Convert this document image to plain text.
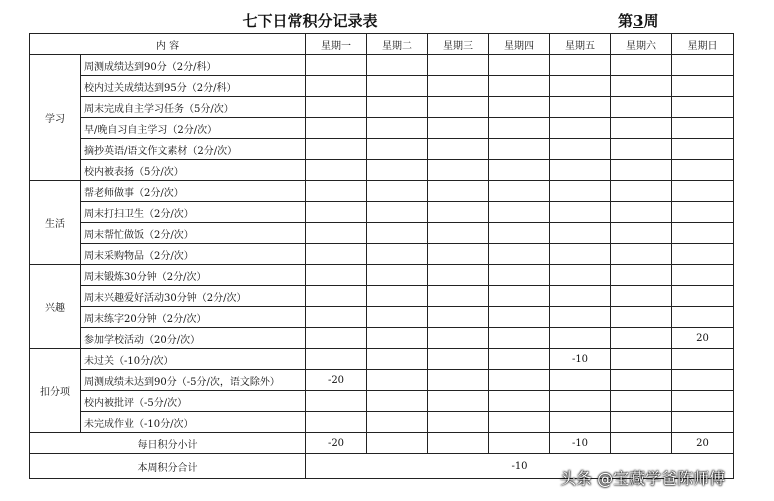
七下日常积分记录表	第3周
内 容		星期一	星期二	星期三	星期四	星期五	星期六	星期日
学习	周测成绩达到90分（2分/科）							
	校内过关成绩达到95分（2分/科）							
	周末完成自主学习任务（5分/次）							
	早/晚自习自主学习（2分/次）							
	摘抄英语/语文作文素材（2分/次）							
	校内被表扬（5分/次）							
生活	帮老师做事（2分/次）							
	周末打扫卫生（2分/次）							
	周末帮忙做饭（2分/次）							
	周末采购物品（2分/次）							
兴趣	周末锻炼30分钟（2分/次）							
	周末兴趣爱好活动30分钟（2分/次）							
	周末练字20分钟（2分/次）							
	参加学校活动（20分/次）							20
扣分项	未过关（-10分/次）					-10		
	周测成绩未达到90分（-5分/次，语文除外）	-20						
	校内被批评（-5分/次）							
	未完成作业（-10分/次）							
每日积分小计		-20				-10		20
本周积分合计		-10						
头条 @宝藏学爸陈师傅
